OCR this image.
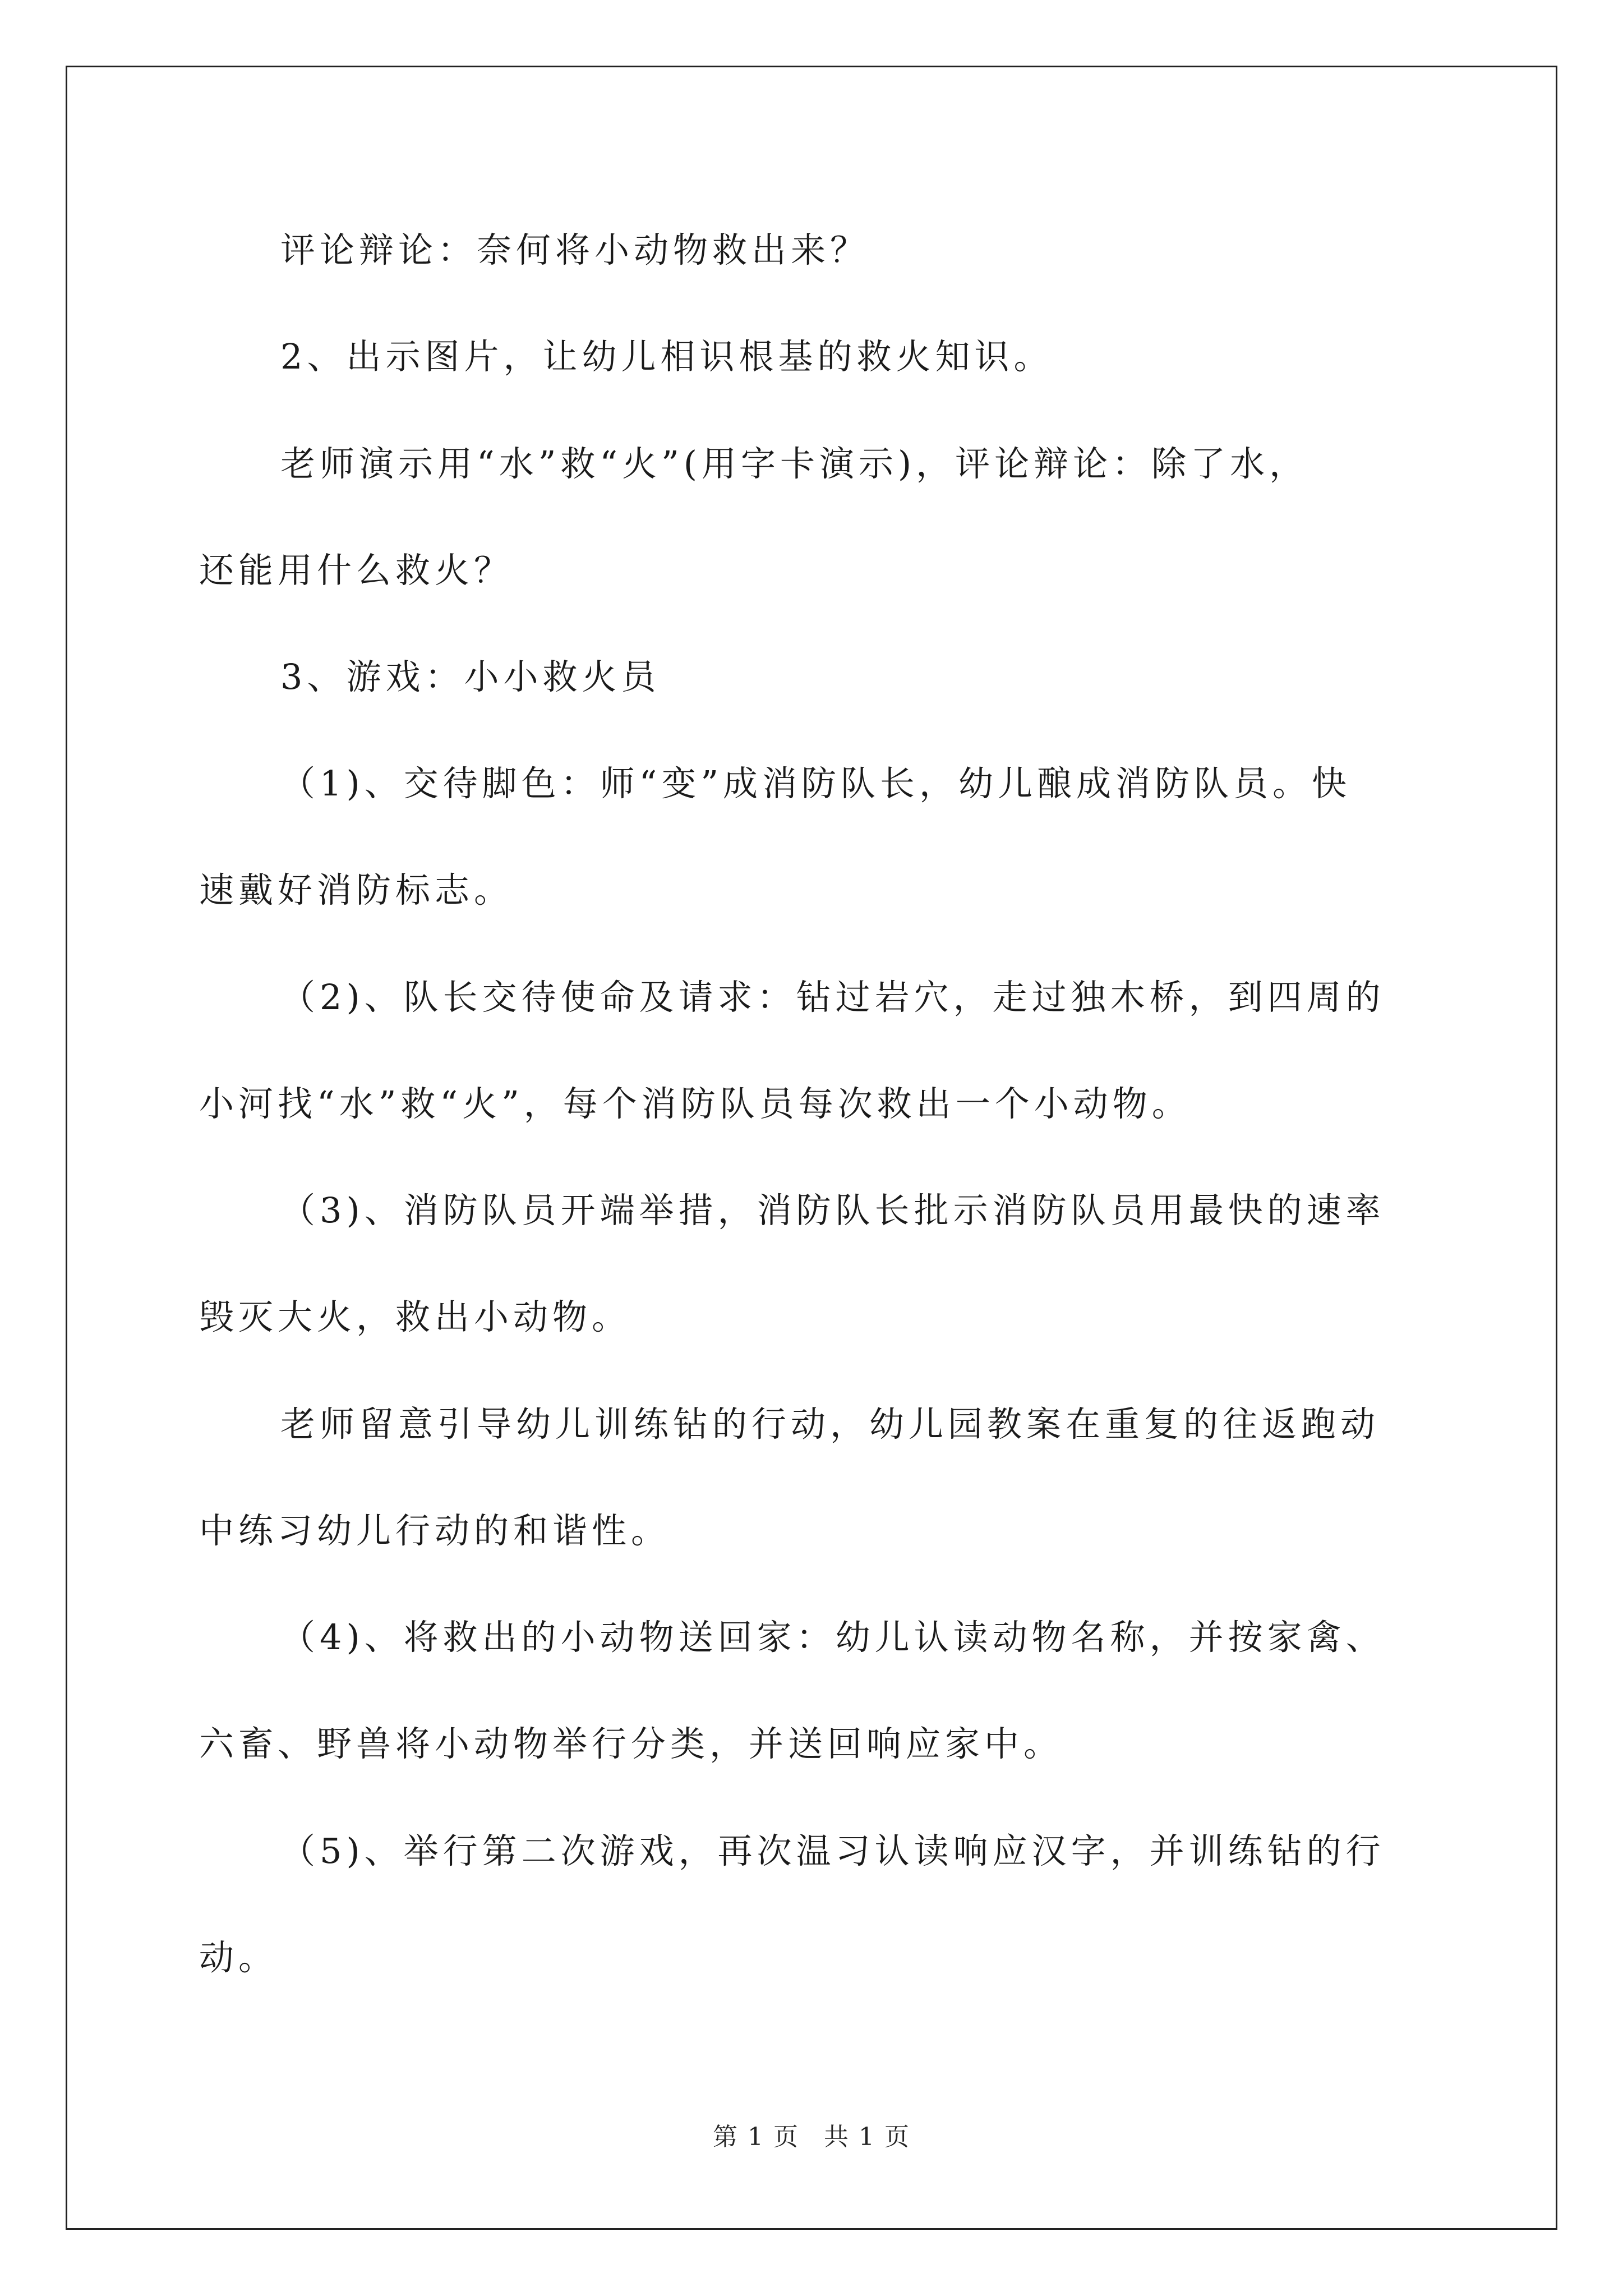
评论辩论：奈何将小动物救出来？

2、出示图片，让幼儿相识根基的救火知识。

老师演示用“水”救“火”(用字卡演示)，评论辩论：除了水，

还能用什么救火？

3、游戏：小小救火员

（1)、交待脚色：师“变”成消防队长，幼儿酿成消防队员。快

速戴好消防标志。

（2)、队长交待使命及请求：钻过岩穴，走过独木桥，到四周的

小河找“水”救“火”，每个消防队员每次救出一个小动物。

（3)、消防队员开端举措，消防队长批示消防队员用最快的速率

毁灭大火，救出小动物。

老师留意引导幼儿训练钻的行动，幼儿园教案在重复的往返跑动

中练习幼儿行动的和谐性。

（4)、将救出的小动物送回家：幼儿认读动物名称，并按家禽、

六畜、野兽将小动物举行分类，并送回响应家中。

（5)、举行第二次游戏，再次温习认读响应汉字，并训练钻的行

动。

第 1 页 共 1 页
